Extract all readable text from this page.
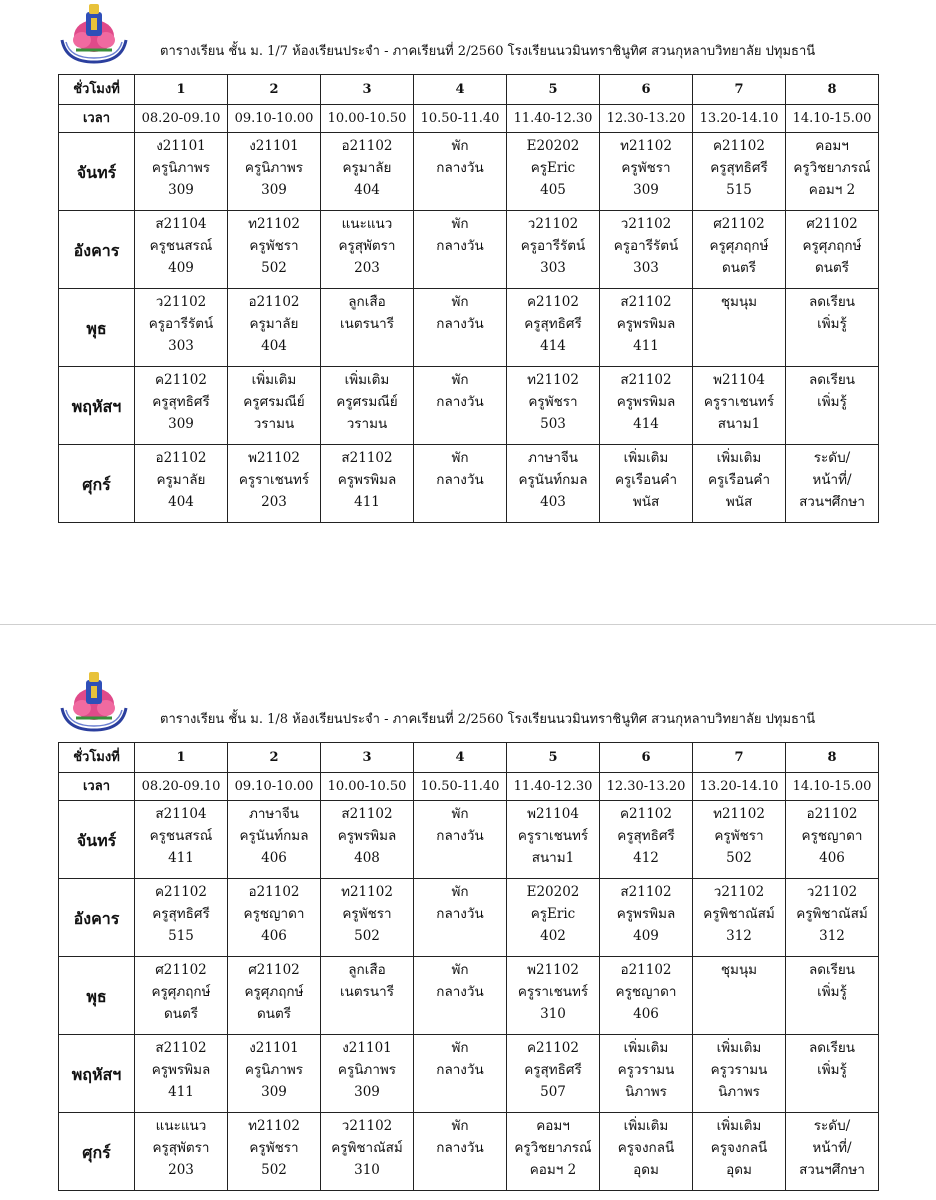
ตารางเรียน ชั้น ม. 1/7 ห้องเรียนประจำ - ภาคเรียนที่ 2/2560 โรงเรียนนวมินทราชินูทิศ สวนกุหลาบวิทยาลัย ปทุมธานี
ชั่วโมงที่	1	2	3	4	5	6	7	8
เวลา	08.20-09.10	09.10-10.00	10.00-10.50	10.50-11.40	11.40-12.30	12.30-13.20	13.20-14.10	14.10-15.00
จันทร์	ง21101
ครูนิภาพร
309	ง21101
ครูนิภาพร
309	อ21102
ครูมาลัย
404	พัก
กลางวัน	E20202
ครูEric
405	ท21102
ครูพัชรา
309	ค21102
ครูสุทธิศรี
515	คอมฯ
ครูวิชยาภรณ์
คอมฯ 2

อังคาร	ส21104
ครูชนสรณ์
409	ท21102
ครูพัชรา
502	แนะแนว
ครูสุพัตรา
203	พัก
กลางวัน	ว21102
ครูอารีรัตน์
303	ว21102
ครูอารีรัตน์
303	ศ21102
ครูศุภฤกษ์
ดนตรี	ศ21102
ครูศุภฤกษ์
ดนตรี

พุธ	ว21102
ครูอารีรัตน์
303	อ21102
ครูมาลัย
404	ลูกเสือ
เนตรนารี	พัก
กลางวัน	ค21102
ครูสุทธิศรี
414	ส21102
ครูพรพิมล
411	ชุมนุม	ลดเรียน
เพิ่มรู้

พฤหัสฯ	ค21102
ครูสุทธิศรี
309	เพิ่มเติม
ครูศรมณีย์
วรามน	เพิ่มเติม
ครูศรมณีย์
วรามน	พัก
กลางวัน	ท21102
ครูพัชรา
503	ส21102
ครูพรพิมล
414	พ21104
ครูราเชนทร์
สนาม1	ลดเรียน
เพิ่มรู้

ศุกร์	อ21102
ครูมาลัย
404	พ21102
ครูราเชนทร์
203	ส21102
ครูพรพิมล
411	พัก
กลางวัน	ภาษาจีน
ครูนันท์กมล
403	เพิ่มเติม
ครูเรือนคำ
พนัส	เพิ่มเติม
ครูเรือนคำ
พนัส	ระดับ/
หน้าที่/
สวนฯศึกษา
ตารางเรียน ชั้น ม. 1/8 ห้องเรียนประจำ - ภาคเรียนที่ 2/2560 โรงเรียนนวมินทราชินูทิศ สวนกุหลาบวิทยาลัย ปทุมธานี
ชั่วโมงที่	1	2	3	4	5	6	7	8
เวลา	08.20-09.10	09.10-10.00	10.00-10.50	10.50-11.40	11.40-12.30	12.30-13.20	13.20-14.10	14.10-15.00
จันทร์	ส21104
ครูชนสรณ์
411	ภาษาจีน
ครูนันท์กมล
406	ส21102
ครูพรพิมล
408	พัก
กลางวัน	พ21104
ครูราเชนทร์
สนาม1	ค21102
ครูสุทธิศรี
412	ท21102
ครูพัชรา
502	อ21102
ครูชญาดา
406

อังคาร	ค21102
ครูสุทธิศรี
515	อ21102
ครูชญาดา
406	ท21102
ครูพัชรา
502	พัก
กลางวัน	E20202
ครูEric
402	ส21102
ครูพรพิมล
409	ว21102
ครูพิชาณัสม์
312	ว21102
ครูพิชาณัสม์
312

พุธ	ศ21102
ครูศุภฤกษ์
ดนตรี	ศ21102
ครูศุภฤกษ์
ดนตรี	ลูกเสือ
เนตรนารี	พัก
กลางวัน	พ21102
ครูราเชนทร์
310	อ21102
ครูชญาดา
406	ชุมนุม	ลดเรียน
เพิ่มรู้

พฤหัสฯ	ส21102
ครูพรพิมล
411	ง21101
ครูนิภาพร
309	ง21101
ครูนิภาพร
309	พัก
กลางวัน	ค21102
ครูสุทธิศรี
507	เพิ่มเติม
ครูวรามน
นิภาพร	เพิ่มเติม
ครูวรามน
นิภาพร	ลดเรียน
เพิ่มรู้

ศุกร์	แนะแนว
ครูสุพัตรา
203	ท21102
ครูพัชรา
502	ว21102
ครูพิชาณัสม์
310	พัก
กลางวัน	คอมฯ
ครูวิชยาภรณ์
คอมฯ 2	เพิ่มเติม
ครูจงกลนี
อุดม	เพิ่มเติม
ครูจงกลนี
อุดม	ระดับ/
หน้าที่/
สวนฯศึกษา
